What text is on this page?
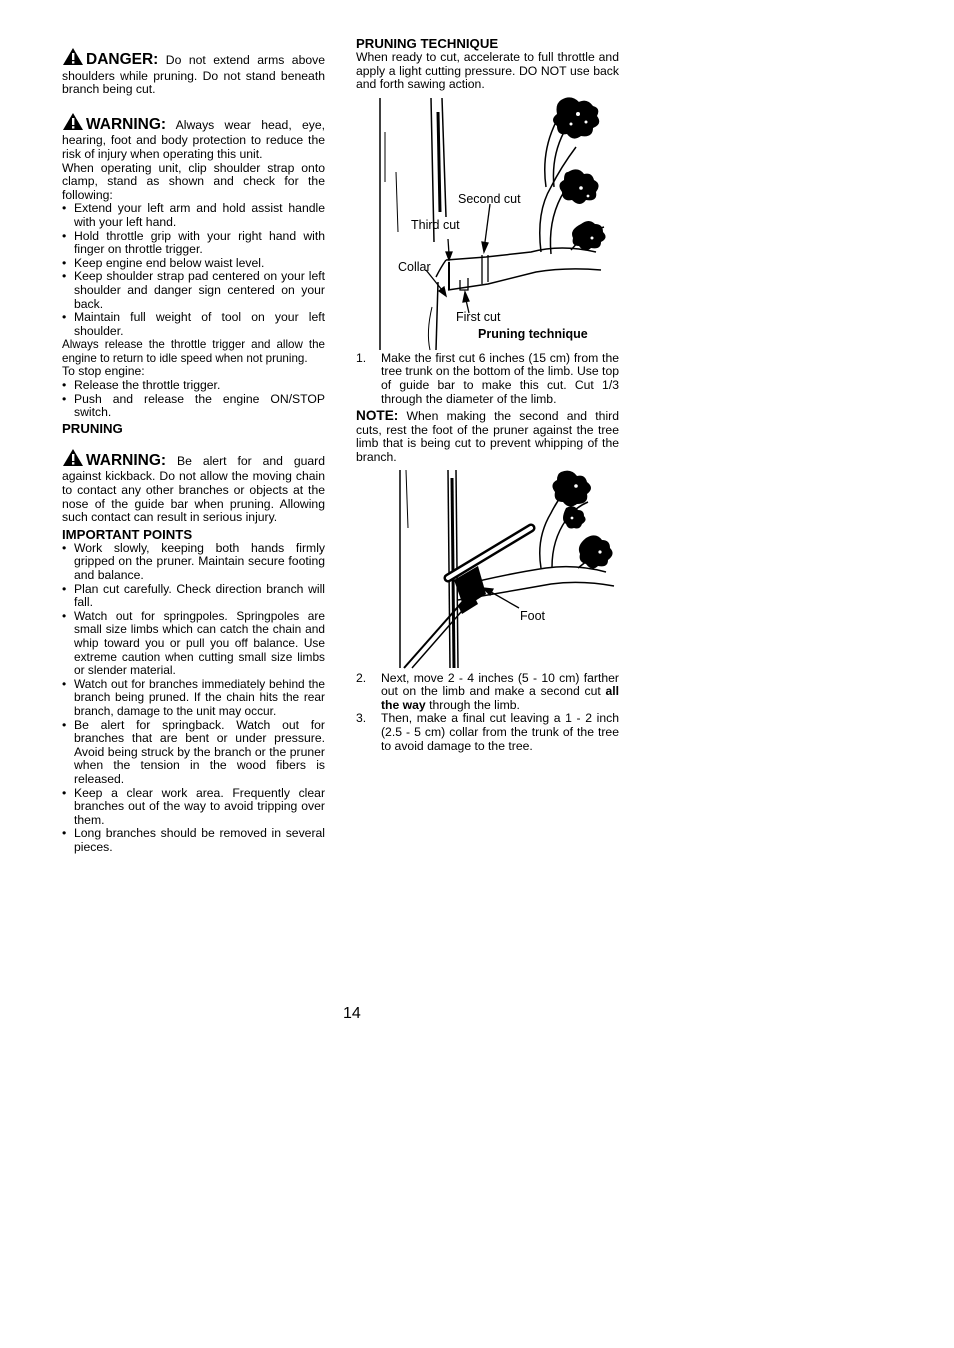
DANGER: Do not extend arms above shoulders while pruning. Do not stand beneath branch being cut.
WARNING: Always wear head, eye, hearing, foot and body protection to reduce the risk of injury when operating this unit.

When operating unit, clip shoulder strap onto clamp, stand as shown and check for the following:

• Extend your left arm and hold assist handle with your left hand.
• Hold throttle grip with your right hand with finger on throttle trigger.
• Keep engine end below waist level.
• Keep shoulder strap pad centered on your left shoulder and danger sign centered on your back.
• Maintain full weight of tool on your left shoulder.

Always release the throttle trigger and allow the engine to return to idle speed when not pruning.

To stop engine:

• Release the throttle trigger.
• Push and release the engine ON/STOP switch.

PRUNING

WARNING: Be alert for and guard against kickback. Do not allow the moving chain to contact any other branches or objects at the nose of the guide bar when pruning. Allowing such contact can result in serious injury.

IMPORTANT POINTS

• Work slowly, keeping both hands firmly gripped on the pruner. Maintain secure footing and balance.
• Plan cut carefully. Check direction branch will fall.
• Watch out for springpoles. Springpoles are small size limbs which can catch the chain and whip toward you or pull you off balance. Use extreme caution when cutting small size limbs or slender material.
• Watch out for branches immediately behind the branch being pruned. If the chain hits the rear branch, damage to the unit may occur.
• Be alert for springback. Watch out for branches that are bent or under pressure. Avoid being struck by the branch or the pruner when the tension in the wood fibers is released.
• Keep a clear work area. Frequently clear branches out of the way to avoid tripping over them.
• Long branches should be removed in several pieces.

PRUNING TECHNIQUE

When ready to cut, accelerate to full throttle and apply a light cutting pressure. DO NOT use back and forth sawing action.

Second cut
Third cut
Collar
First cut
Pruning technique
1. Make the first cut 6 inches (15 cm) from the tree trunk on the bottom of the limb. Use top of guide bar to make this cut. Cut 1/3 through the diameter of the limb.
NOTE: When making the second and third cuts, rest the foot of the pruner against the tree limb that is being cut to prevent whipping of the branch.
Foot
2. Next, move 2 - 4 inches (5 - 10 cm) farther out on the limb and make a second cut all the way through the limb.
3. Then, make a final cut leaving a 1 - 2 inch (2.5 - 5 cm) collar from the trunk of the tree to avoid damage to the tree.
14
